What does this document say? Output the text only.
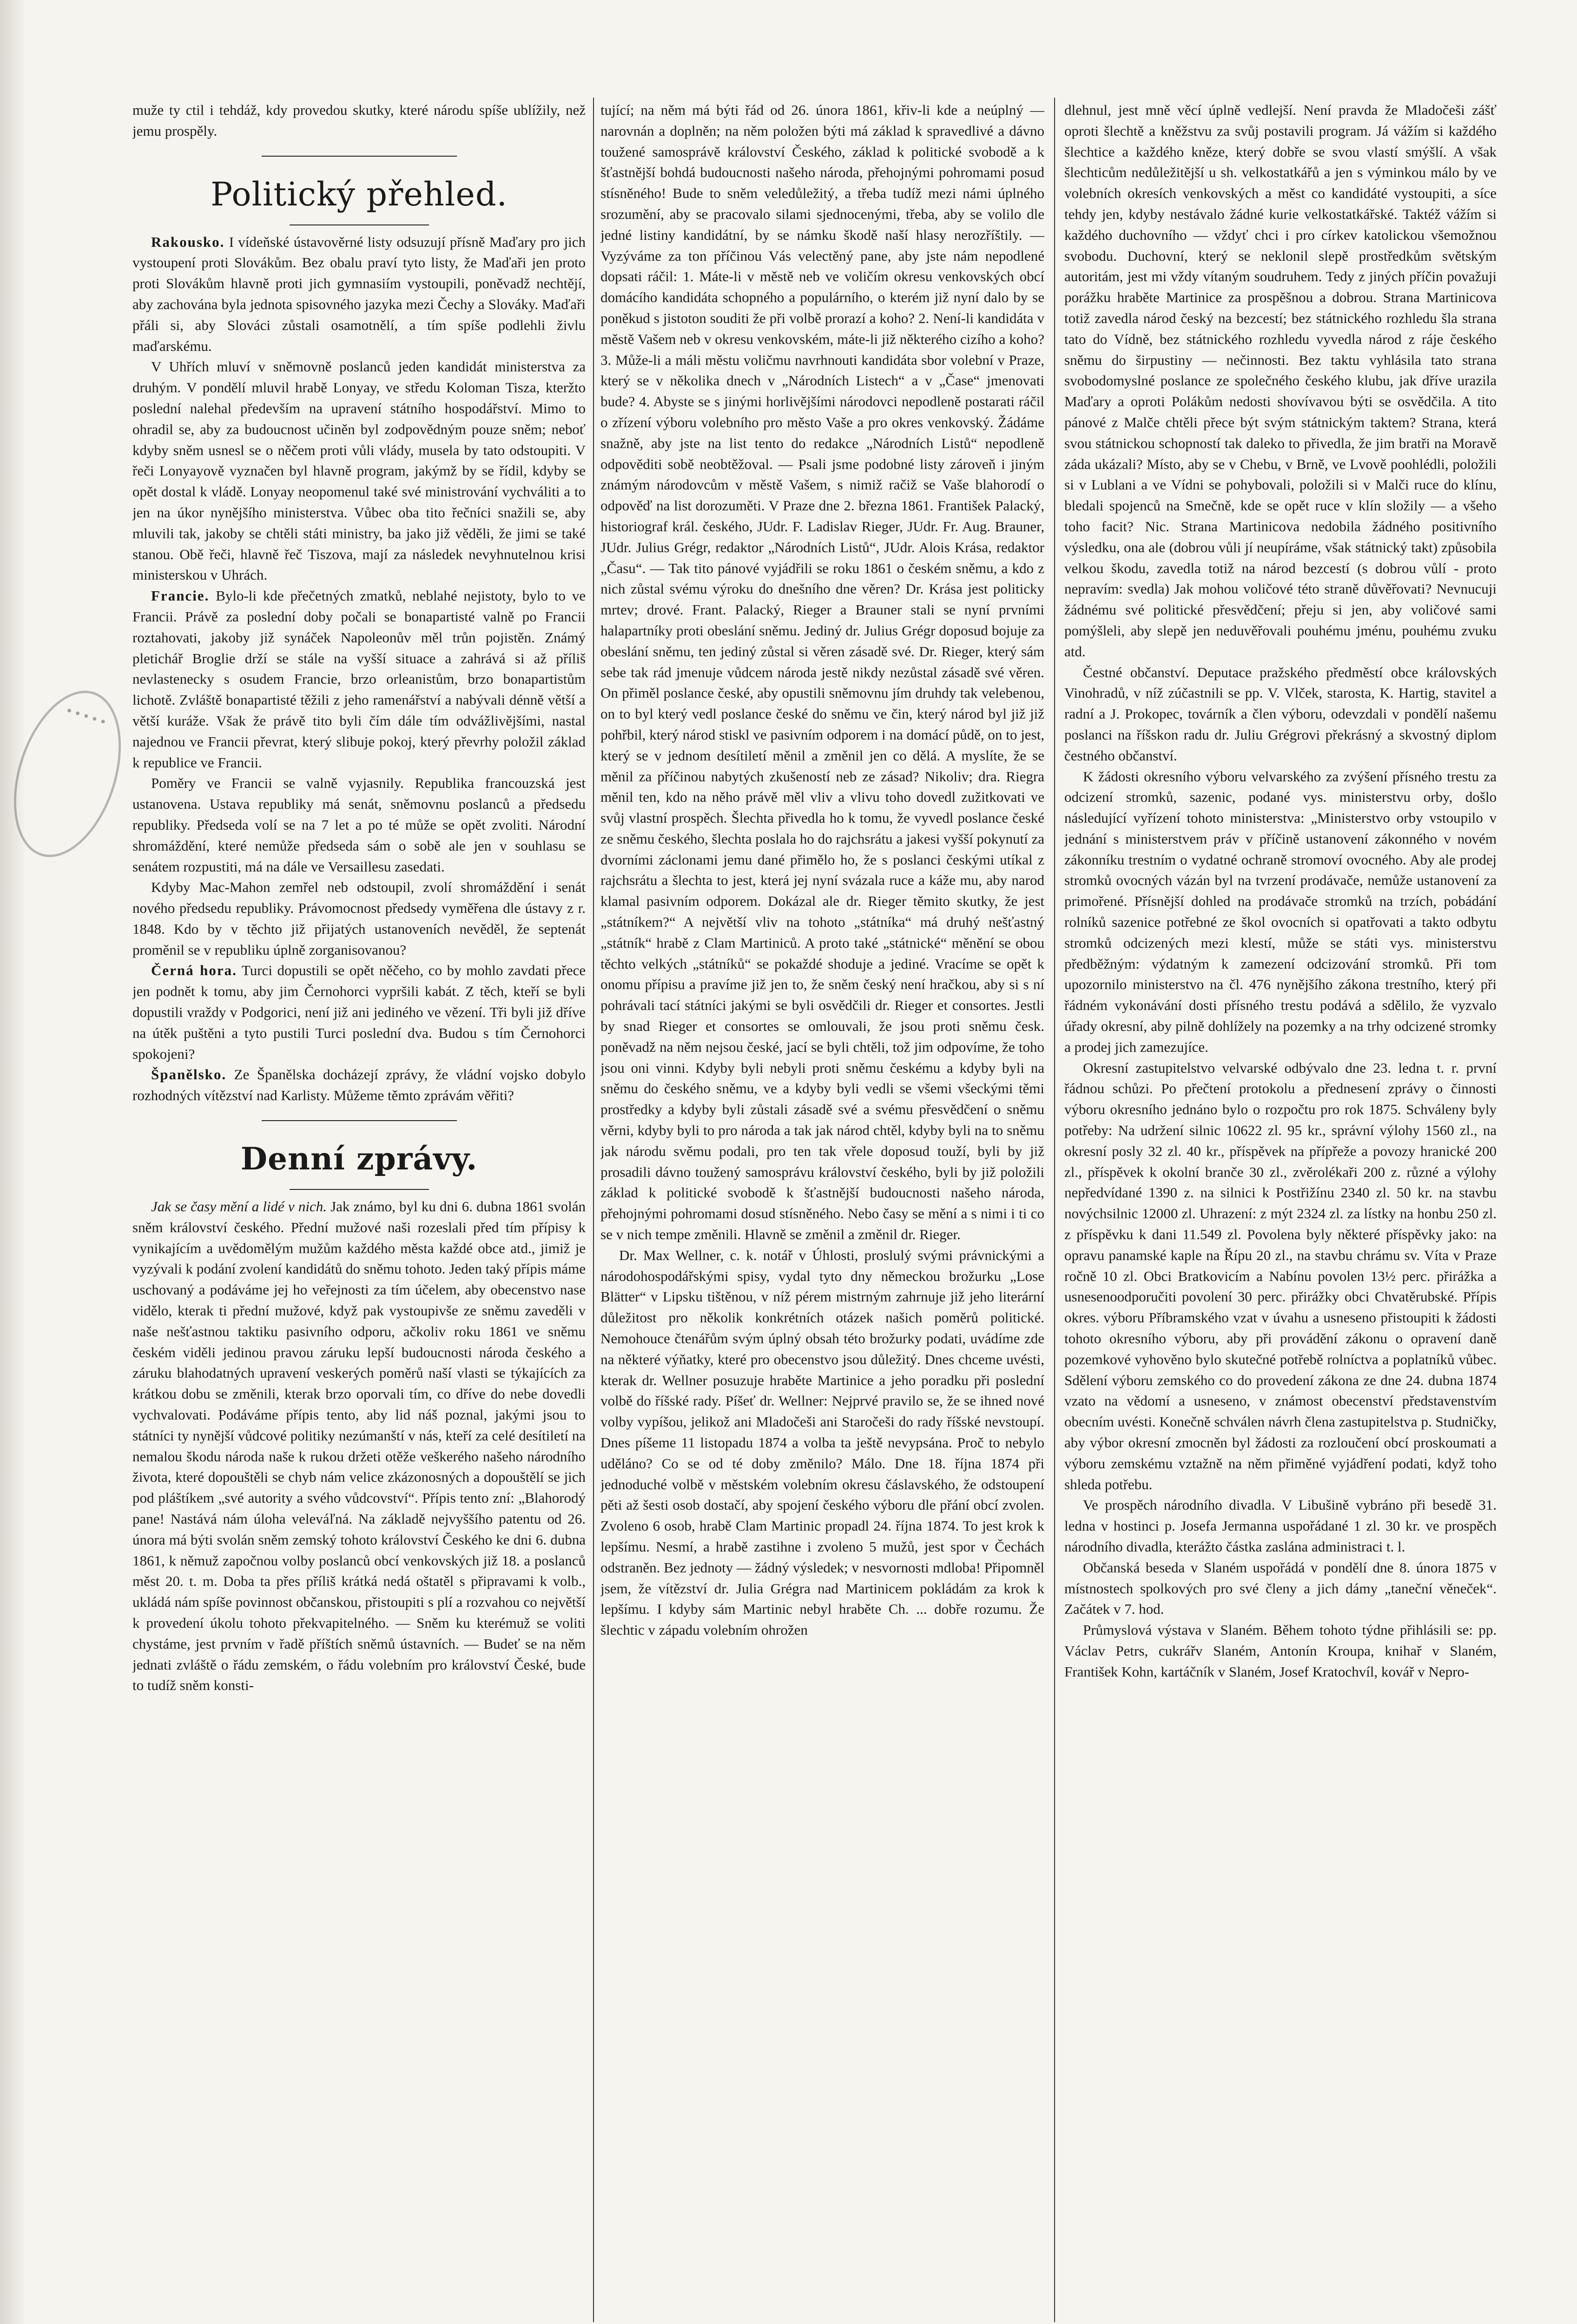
·····

muže ty ctil i tehdáž, kdy provedou skutky, které národu spíše ublížily, než jemu prospěly.

Politický přehled.

Rakousko. I vídeňské ústavověrné listy odsuzují přísně Maďary pro jich vystoupení proti Slovákům. Bez obalu praví tyto listy, že Maďaři jen proto proti Slovákům hlavně proti jich gymnasiím vystoupili, poněvadž nechtějí, aby zachována byla jednota spisovného jazyka mezi Čechy a Slováky. Maďaři přáli si, aby Slováci zůstali osamotnělí, a tím spíše podlehli živlu maďarskému.

V Uhřích mluví v sněmovně poslanců jeden kandidát ministerstva za druhým. V pondělí mluvil hrabě Lonyay, ve středu Koloman Tisza, kteržto poslední nalehal především na upravení státního hospodářství. Mimo to ohradil se, aby za budoucnost učiněn byl zodpovědným pouze sněm; neboť kdyby sněm usnesl se o něčem proti vůli vlády, musela by tato odstoupiti. V řeči Lonyayově vyznačen byl hlavně program, jakýmž by se řídil, kdyby se opět dostal k vládě. Lonyay neopomenul také své ministrování vychváliti a to jen na úkor nynějšího ministerstva. Vůbec oba tito řečníci snažili se, aby mluvili tak, jakoby se chtěli státi ministry, ba jako již věděli, že jimi se také stanou. Obě řeči, hlavně řeč Tiszova, mají za následek nevyhnutelnou krisi ministerskou v Uhrách.

Francie. Bylo-li kde přečetných zmatků, neblahé nejistoty, bylo to ve Francii. Právě za poslední doby počali se bonapartisté valně po Francii roztahovati, jakoby již synáček Napoleonův měl trůn pojistěn. Známý pletichář Broglie drží se stále na vyšší situace a zahrává si až příliš nevlastenecky s osudem Francie, brzo orleanistům, brzo bonapartistům lichotě. Zvláště bonapartisté těžili z jeho ramenářství a nabývali dénně větší a větší kuráže. Však že právě tito byli čím dále tím odvážlivějšími, nastal najednou ve Francii převrat, který slibuje pokoj, který převrhy položil základ k republice ve Francii.

Poměry ve Francii se valně vyjasnily. Republika francouzská jest ustanovena. Ustava republiky má senát, sněmovnu poslanců a předsedu republiky. Předseda volí se na 7 let a po té může se opět zvoliti. Národní shromáždění, které nemůže předseda sám o sobě ale jen v souhlasu se senátem rozpustiti, má na dále ve Versaillesu zasedati.

Kdyby Mac-Mahon zemřel neb odstoupil, zvolí shromáždění i senát nového předsedu republiky. Právomocnost předsedy vyměřena dle ústavy z r. 1848. Kdo by v těchto již přijatých ustanoveních nevěděl, že septenát proměnil se v republiku úplně zorganisovanou?

Černá hora. Turci dopustili se opět něčeho, co by mohlo zavdati přece jen podnět k tomu, aby jim Černohorci vypršili kabát. Z těch, kteří se byli dopustili vraždy v Podgorici, není již ani jediného ve vězení. Tři byli již dříve na útěk puštěni a tyto pustili Turci poslední dva. Budou s tím Černohorci spokojeni?

Španělsko. Ze Španělska docházejí zprávy, že vládní vojsko dobylo rozhodných vítězství nad Karlisty. Můžeme těmto zprávám věřiti?

Denní zprávy.

Jak se časy mění a lidé v nich. Jak známo, byl ku dni 6. dubna 1861 svolán sněm království českého. Přední mužové naši rozeslali před tím přípisy k vynikajícím a uvědomělým mužům každého města každé obce atd., jimiž je vyzývali k podání zvolení kandidátů do sněmu tohoto. Jeden taký přípis máme uschovaný a podáváme jej ho veřejnosti za tím účelem, aby obecenstvo nase vidělo, kterak ti přední mužové, když pak vystoupivše ze sněmu zaveděli v naše nešťastnou taktiku pasivního odporu, ačkoliv roku 1861 ve sněmu českém viděli jedinou pravou záruku lepší budoucnosti národa českého a záruku blahodatných upravení veskerých poměrů naší vlasti se týkajících za krátkou dobu se změnili, kterak brzo oporvali tím, co dříve do nebe dovedli vychvalovati. Podáváme přípis tento, aby lid náš poznal, jakými jsou to státníci ty nynější vůdcové politiky nezúmanští v nás, kteří za celé desítiletí na nemalou škodu národa naše k rukou držeti otěže veškerého našeho národního života, které dopouštěli se chyb nám velice zkázonosných a dopouštělí se jich pod pláštíkem „své autority a svého vůdcovství“. Přípis tento zní: „Blahorodý pane! Nastává nám úloha veleváľná. Na základě nejvyššího patentu od 26. února má býti svolán sněm zemský tohoto království Českého ke dni 6. dubna 1861, k němuž započnou volby poslanců obcí venkovských již 18. a poslanců měst 20. t. m. Doba ta přes příliš krátká nedá oštatěl s připravami k volb., ukládá nám spíše povinnost občanskou, přistoupiti s plí a rozvahou co největší k provedení úkolu tohoto překvapitelného. — Sněm ku kterémuž se voliti chystáme, jest prvním v řadě příštích sněmů ústavních. — Budeť se na něm jednati zvláště o řádu zemském, o řádu volebním pro království České, bude to tudíž sněm konsti-

tující; na něm má býti řád od 26. února 1861, křiv-li kde a neúplný — narovnán a doplněn; na něm položen býti má základ k spravedlivé a dávno toužené samosprávě království Českého, základ k politické svobodě a k šťastnější bohdá budoucnosti našeho národa, přehojnými pohromami posud stísněného! Bude to sněm veledůležitý, a třeba tudíž mezi námi úplného srozumění, aby se pracovalo silami sjednocenými, třeba, aby se volilo dle jedné listiny kandidátní, by se námku škodě naší hlasy nerozříštily. — Vyzýváme za ton příčinou Vás velectěný pane, aby jste nám nepodlené dopsati ráčil: 1. Máte-li v městě neb ve voličím okresu venkovských obcí domácího kandidáta schopného a populárního, o kterém již nyní dalo by se poněkud s jistoton souditi že při volbě prorazí a koho? 2. Není-li kandidáta v městě Vašem neb v okresu venkovském, máte-li již některého cizího a koho? 3. Může-li a máli městu voličmu navrhnouti kandidáta sbor volební v Praze, který se v několika dnech v „Národních Listech“ a v „Čase“ jmenovati bude? 4. Abyste se s jinými horlivějšími národovci nepodleně postarati ráčil o zřízení výboru volebního pro město Vaše a pro okres venkovský. Žádáme snažně, aby jste na list tento do redakce „Národních Listů“ nepodleně odpověditi sobě neobtěžoval. — Psali jsme podobné listy zároveň i jiným známým národovcům v městě Vašem, s nimiž račiž se Vaše blahorodí o odpověď na list dorozuměti. V Praze dne 2. března 1861. František Palacký, historiograf král. českého, JUdr. F. Ladislav Rieger, JUdr. Fr. Aug. Brauner, JUdr. Julius Grégr, redaktor „Národních Listů“, JUdr. Alois Krása, redaktor „Času“. — Tak tito pánové vyjádřili se roku 1861 o českém sněmu, a kdo z nich zůstal svému výroku do dnešního dne věren? Dr. Krása jest politicky mrtev; drové. Frant. Palacký, Rieger a Brauner stali se nyní prvními halapartníky proti obeslání sněmu. Jediný dr. Julius Grégr doposud bojuje za obeslání sněmu, ten jediný zůstal si věren zásadě své. Dr. Rieger, který sám sebe tak rád jmenuje vůdcem národa jestě nikdy nezůstal zásadě své věren. On přiměl poslance české, aby opustili sněmovnu jím druhdy tak velebenou, on to byl který vedl poslance české do sněmu ve čin, který národ byl již již pohřbil, který národ stiskl ve pasivním odporem i na domácí půdě, on to jest, který se v jednom desítiletí měnil a změnil jen co dělá. A myslíte, že se měnil za příčinou nabytých zkušeností neb ze zásad? Nikoliv; dra. Riegra měnil ten, kdo na něho právě měl vliv a vlivu toho dovedl zužitkovati ve svůj vlastní prospěch. Šlechta přivedla ho k tomu, že vyvedl poslance české ze sněmu českého, šlechta poslala ho do rajchsrátu a jakesi vyšší pokynutí za dvorními záclonami jemu dané přimělo ho, že s poslanci českými utíkal z rajchsrátu a šlechta to jest, která jej nyní svázala ruce a káže mu, aby narod klamal pasivním odporem. Dokázal ale dr. Rieger těmito skutky, že jest „státníkem?“ A největší vliv na tohoto „státníka“ má druhý nešťastný „státník“ hrabě z Clam Martiniců. A proto také „státnické“ měnění se obou těchto velkých „státníků“ se pokaždé shoduje a jediné. Vracíme se opět k onomu přípisu a pravíme již jen to, že sněm český není hračkou, aby si s ní pohrávali tací státníci jakými se byli osvědčili dr. Rieger et consortes. Jestli by snad Rieger et consortes se omlouvali, že jsou proti sněmu česk. poněvadž na něm nejsou české, jací se byli chtěli, tož jim odpovíme, že toho jsou oni vinni. Kdyby byli nebyli proti sněmu českému a kdyby byli na sněmu do českého sněmu, ve a kdyby byli vedli se všemi všeckými těmi prostředky a kdyby byli zůstali zásadě své a svému přesvědčení o sněmu věrni, kdyby byli to pro národa a tak jak národ chtěl, kdyby byli na to sněmu jak národu svěmu podali, pro ten tak vřele doposud touží, byli by již prosadili dávno toužený samosprávu království českého, byli by již položili základ k politické svobodě k šťastnější budoucnosti našeho národa, přehojnými pohromami dosud stísněného. Nebo časy se mění a s nimi i ti co se v nich tempe změnili. Hlavně se změnil a změnil dr. Rieger.

Dr. Max Wellner, c. k. notář v Úhlosti, proslulý svými právnickými a národohospodářskými spisy, vydal tyto dny německou brožurku „Lose Blätter“ v Lipsku tištěnou, v níž pérem mistrným zahrnuje již jeho literární důležitost pro několik konkrétních otázek našich poměrů politické. Nemohouce čtenářům svým úplný obsah této brožurky podati, uvádíme zde na některé výňatky, které pro obecenstvo jsou důležitý. Dnes chceme uvésti, kterak dr. Wellner posuzuje hraběte Martinice a jeho poradku při poslední volbě do říšské rady. Píšeť dr. Wellner: Nejprvé pravilo se, že se ihned nové volby vypíšou, jelikož ani Mladočeši ani Staročeši do rady říšské nevstoupí. Dnes píšeme 11 listopadu 1874 a volba ta ještě nevypsána. Proč to nebylo uděláno? Co se od té doby změnilo? Málo. Dne 18. října 1874 při jednoduché volbě v městském volebním okresu čáslavského, že odstoupení pěti až šesti osob dostačí, aby spojení českého výboru dle přání obcí zvolen. Zvoleno 6 osob, hrabě Clam Martinic propadl 24. října 1874. To jest krok k lepšímu. Nesmí, a hrabě zastihne i zvoleno 5 mužů, jest spor v Čechách odstraněn. Bez jednoty — žádný výsledek; v nesvornosti mdloba! Připomněl jsem, že vítězství dr. Julia Grégra nad Martinicem pokládám za krok k lepšímu. I kdyby sám Martinic nebyl hraběte Ch. ... dobře rozumu. Že šlechtic v západu volebním ohrožen

dlehnul, jest mně věcí úplně vedlejší. Není pravda že Mladočeši zášť oproti šlechtě a kněžstvu za svůj postavili program. Já vážím si každého šlechtice a každého kněze, který dobře se svou vlastí smýšlí. A však šlechticům nedůležitější u sh. velkostatkářů a jen s výminkou málo by ve volebních okresích venkovských a měst co kandidáté vystoupiti, a síce tehdy jen, kdyby nestávalo žádné kurie velkostatkářské. Taktéž vážím si každého duchovního — vždyť chci i pro církev katolickou všemožnou svobodu. Duchovní, který se neklonil slepě prostředkům světským autoritám, jest mi vždy vítaným soudruhem. Tedy z jiných příčin považuji porážku hraběte Martinice za prospěšnou a dobrou. Strana Martinicova totiž zavedla národ český na bezcestí; bez státnického rozhledu šla strana tato do Vídně, bez státnického rozhledu vyvedla národ z ráje českého sněmu do širpustiny — nečinnosti. Bez taktu vyhlásila tato strana svobodomyslné poslance ze společného českého klubu, jak dříve urazila Maďary a oproti Polákům nedosti shovívavou býti se osvědčila. A tito pánové z Malče chtěli přece být svým státnickým taktem? Strana, která svou státnickou schopností tak daleko to přivedla, že jim bratři na Moravě záda ukázali? Místo, aby se v Chebu, v Brně, ve Lvově poohlédli, položili si v Lublani a ve Vídni se pohybovali, položili si v Malči ruce do klínu, bledali spojenců na Smečně, kde se opět ruce v klín složily — a všeho toho facit? Nic. Strana Martinicova nedobila žádného positivního výsledku, ona ale (dobrou vůli jí neupíráme, však státnický takt) způsobila velkou škodu, zavedla totiž na národ bezcestí (s dobrou vůlí - proto nepravím: svedla) Jak mohou voličové této straně důvěřovati? Nevnucuji žádnému své politické přesvědčení; přeju si jen, aby voličové sami pomýšleli, aby slepě jen neduvěřovali pouhému jménu, pouhému zvuku atd.

Čestné občanství. Deputace pražského předměstí obce královských Vinohradů, v níž zúčastnili se pp. V. Vlček, starosta, K. Hartig, stavitel a radní a J. Prokopec, továrník a člen výboru, odevzdali v pondělí našemu poslanci na říšskon radu dr. Juliu Grégrovi překrásný a skvostný diplom čestného občanství.

K žádosti okresního výboru velvarského za zvýšení přísného trestu za odcizení stromků, sazenic, podané vys. ministerstvu orby, došlo následující vyřízení tohoto ministerstva: „Ministerstvo orby vstoupilo v jednání s ministerstvem práv v příčině ustanovení zákonného v novém zákonníku trestním o vydatné ochraně stromoví ovocného. Aby ale prodej stromků ovocných vázán byl na tvrzení prodávače, nemůže ustanovení za primořené. Přísnější dohled na prodávače stromků na trzích, pobádání rolníků sazenice potřebné ze škol ovocních si opatřovati a takto odbytu stromků odcizených mezi klestí, může se státi vys. ministerstvu předběžným: výdatným k zamezení odcizování stromků. Při tom upozornilo ministerstvo na čl. 476 nynějšího zákona trestního, který při řádném vykonávání dosti přísného trestu podává a sdělilo, že vyzvalo úřady okresní, aby pilně dohlížely na pozemky a na trhy odcizené stromky a prodej jich zamezujíce.

Okresní zastupitelstvo velvarské odbývalo dne 23. ledna t. r. první řádnou schůzi. Po přečtení protokolu a přednesení zprávy o činnosti výboru okresního jednáno bylo o rozpočtu pro rok 1875. Schváleny byly potřeby: Na udržení silnic 10622 zl. 95 kr., správní výlohy 1560 zl., na okresní posly 32 zl. 40 kr., příspěvek na přípřeže a povozy hranické 200 zl., příspěvek k okolní branče 30 zl., zvěrolékaři 200 z. různé a výlohy nepředvídané 1390 z. na silnici k Postřižínu 2340 zl. 50 kr. na stavbu novýchsilnic 12000 zl. Uhrazení: z mýt 2324 zl. za lístky na honbu 250 zl. z příspěvku k dani 11.549 zl. Povolena byly některé příspěvky jako: na opravu panamské kaple na Řípu 20 zl., na stavbu chrámu sv. Víta v Praze ročně 10 zl. Obci Bratkovicím a Nabínu povolen 13½ perc. přirážka a usnesenoodporučiti povolení 30 perc. přirážky obci Chvatěrubské. Přípis okres. výboru Příbramského vzat v úvahu a usneseno přistoupiti k žádosti tohoto okresního výboru, aby při provádění zákonu o opravení daně pozemkové vyhověno bylo skutečné potřebě rolníctva a poplatníků vůbec. Sdělení výboru zemského co do provedení zákona ze dne 24. dubna 1874 vzato na vědomí a usneseno, v známost obecenství představenstvím obecním uvésti. Konečně schválen návrh člena zastupitelstva p. Studničky, aby výbor okresní zmocněn byl žádosti za rozloučení obcí proskoumati a výboru zemskému vztažně na něm přiměné vyjádření podati, když toho shleda potřebu.

Ve prospěch národního divadla. V Libušině vybráno při besedě 31. ledna v hostinci p. Josefa Jermanna uspořádané 1 zl. 30 kr. ve prospěch národního divadla, kterážto částka zaslána administraci t. l.

Občanská beseda v Slaném uspořádá v pondělí dne 8. února 1875 v místnostech spolkových pro své členy a jich dámy „taneční věneček“. Začátek v 7. hod.

Průmyslová výstava v Slaném. Během tohoto týdne přihlásili se: pp. Václav Petrs, cukrářv Slaném, Antonín Kroupa, knihař v Slaném, František Kohn, kartáčník v Slaném, Josef Kratochvíl, kovář v Nepro-
